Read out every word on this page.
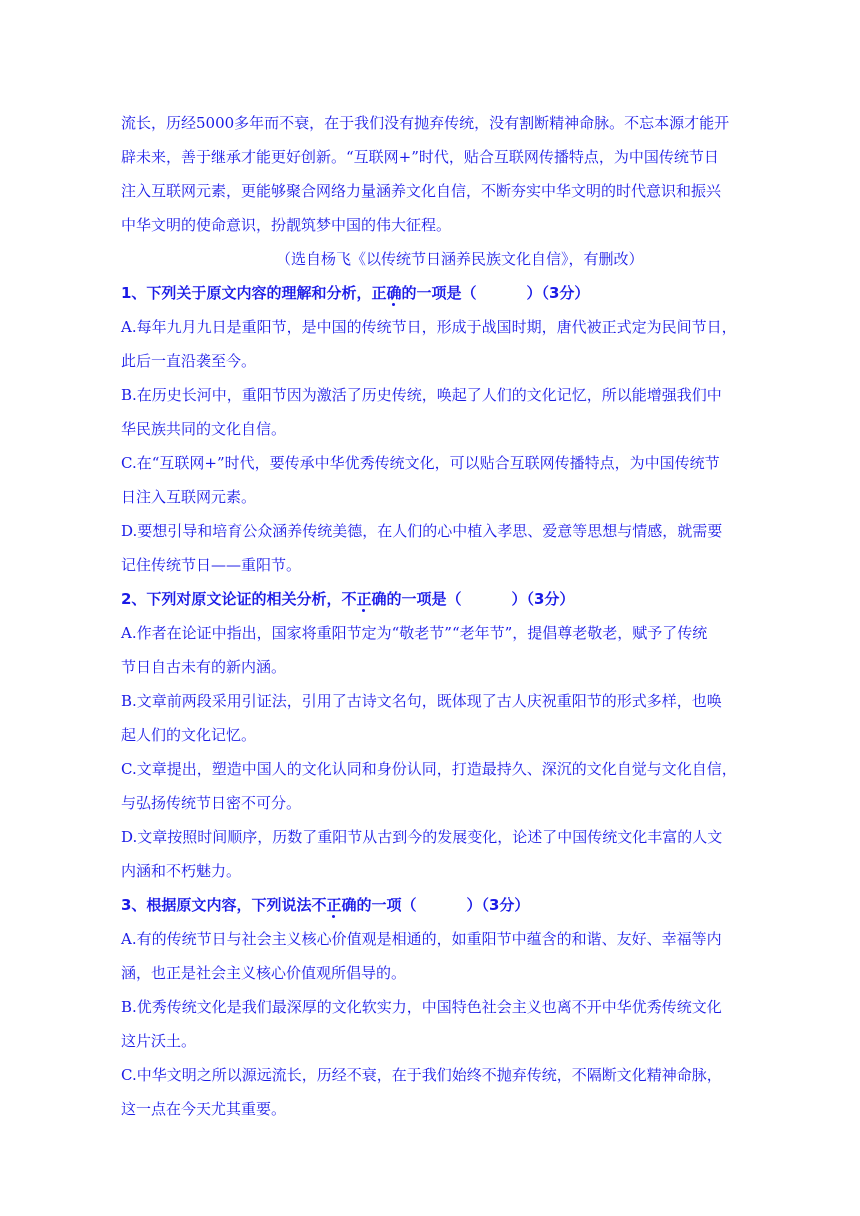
流长，历经5000多年而不衰，在于我们没有抛弃传统，没有割断精神命脉。不忘本源才能开

辟未来，善于继承才能更好创新。“互联网+”时代，贴合互联网传播特点，为中国传统节日

注入互联网元素，更能够聚合网络力量涵养文化自信，不断夯实中华文明的时代意识和振兴

中华文明的使命意识，扮靓筑梦中国的伟大征程。

（选自杨飞《以传统节日涵养民族文化自信》，有删改）

1、下列关于原文内容的理解和分析，正确的一项是（	）（3分）

A.每年九月九日是重阳节，是中国的传统节日，形成于战国时期，唐代被正式定为民间节日，
此后一直沿袭至今。

B.在历史长河中，重阳节因为激活了历史传统，唤起了人们的文化记忆，所以能增强我们中
华民族共同的文化自信。

C.在“互联网+”时代，要传承中华优秀传统文化，可以贴合互联网传播特点，为中国传统节
日注入互联网元素。

D.要想引导和培育公众涵养传统美德，在人们的心中植入孝思、爱意等思想与情感，就需要
记住传统节日——重阳节。

2、下列对原文论证的相关分析，不正确的一项是（	）（3分）

A.作者在论证中指出，国家将重阳节定为“敬老节”“老年节”，提倡尊老敬老，赋予了传统
节日自古未有的新内涵。

B.文章前两段采用引证法，引用了古诗文名句，既体现了古人庆祝重阳节的形式多样，也唤
起人们的文化记忆。

C.文章提出，塑造中国人的文化认同和身份认同，打造最持久、深沉的文化自觉与文化自信，
与弘扬传统节日密不可分。

D.文章按照时间顺序，历数了重阳节从古到今的发展变化，论述了中国传统文化丰富的人文
内涵和不朽魅力。

3、根据原文内容，下列说法不正确的一项（	）（3分）

A.有的传统节日与社会主义核心价值观是相通的，如重阳节中蕴含的和谐、友好、幸福等内
涵，也正是社会主义核心价值观所倡导的。

B.优秀传统文化是我们最深厚的文化软实力，中国特色社会主义也离不开中华优秀传统文化
这片沃土。

C.中华文明之所以源远流长，历经不衰，在于我们始终不抛弃传统，不隔断文化精神命脉，
这一点在今天尤其重要。
